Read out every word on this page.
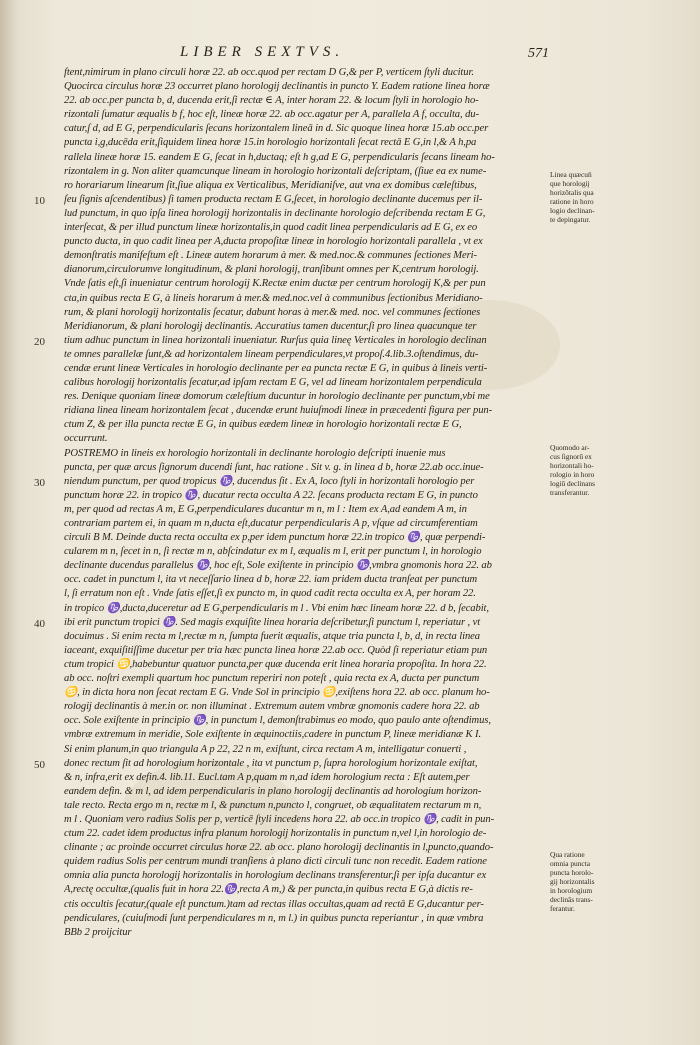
LIBER SEXTVS.	571
10
20
30
40
50
ftent,nimirum in plano circuli horæ 22. ab occ.quod per rectam D G,& per P, verticem ſtyli ducitur.
Quocirca circulus horæ 23 occurret plano horologij declinantis in puncto Y. Eadem ratione linea horæ
22. ab occ.per puncta b, d, ducenda erit,ſi rectæ ∈ A, inter horam 22. & locum ſtyli in horologio ho-
rizontali ſumatur æqualis b f, hoc eſt, lineæ horæ 22. ab occ.agatur per A, parallela A f, occulta, du-
catur,ſ d, ad E G, perpendicularis ſecans horizontalem lineā in d. Sic quoque linea horæ 15.ab occ.per
puncta i,g,ducēda erit,ſiquidem linea horæ 15.in horologio horizontali ſecat rectā E G,in l,& A h,pa
rallela lineæ horæ 15. eandem E G, ſecat in h,ductaq; eſt h g,ad E G, perpendicularis ſecans lineam ho-
rizontalem in g. Non aliter quamcunque lineam in horologio horizontali deſcriptam, (ſiue ea ex nume-
ro horariarum linearum ſit,ſiue aliqua ex Verticalibus, Meridianiſve, aut vna ex domibus cæleſtibus,
ſeu ſignis aſcendentibus) ſi tamen producta rectam E G,ſecet, in horologio declinante ducemus per il-
lud punctum, in quo ipſa linea horologij horizontalis in declinante horologio deſcribenda rectam E G,
interſecat, & per illud punctum lineæ horizontalis,in quod cadit linea perpendicularis ad E G, ex eo
puncto ducta, in quo cadit linea per A,ducta propoſitæ lineæ in horologio horizontali parallela , vt ex
demonſtratis manifeſtum eſt . Lineæ autem horarum à mer. & med.noc.& communes ſectiones Meri-
dianorum,circulorumve longitudinum, & plani horologij, tranſibunt omnes per K,centrum horologij.
Vnde ſatis eſt,ſi inueniatur centrum horologij K.Rectæ enim ductæ per centrum horologij K,& per pun
cta,in quibus recta E G, à lineis horarum à mer.& med.noc.vel à communibus ſectionibus Meridiano-
rum, & plani horologij horizontalis ſecatur, dabunt horas à mer.& med. noc. vel communes ſectiones
Meridianorum, & plani horologij declinantis. Accuratius tamen ducentur,ſi pro linea quacunque ter
tium adhuc punctum in linea horizontali inueniatur. Rurſus quia lineę Verticales in horologio declinan
te omnes parallelæ ſunt,& ad horizontalem lineam perpendiculares,vt propoſ.4.lib.3.oſtendimus, du-
cendæ erunt lineæ Verticales in horologio declinante per ea puncta rectæ E G, in quibus à lineis verti-
calibus horologij horizontalis ſecatur,ad ipſam rectam E G, vel ad lineam horizontalem perpendicula
res. Denique quoniam lineæ domorum cæleſtium ducuntur in horologio declinante per punctum,vbi me
ridiana linea lineam horizontalem ſecat , ducendæ erunt huiuſmodi lineæ in præcedenti figura per pun-
ctum Z, & per illa puncta rectæ E G, in quibus eædem lineæ in horologio horizontali rectæ E G,
occurrunt.
POSTREMO in lineis ex horologio horizontali in declinante horologio deſcripti inuenie mus
puncta, per quæ arcus ſignorum ducendi ſunt, hac ratione . Sit v. g. in linea d b, horæ 22.ab occ.inue-
niendum punctum, per quod tropicus ♑, ducendus ſit . Ex A, loco ſtyli in horizontali horologio per
punctum horæ 22. in tropico ♑, ducatur recta occulta A 22. ſecans producta rectam E G, in puncto
m, per quod ad rectas A m, E G,perpendiculares ducantur m n, m l : Item ex A,ad eandem A m, in
contrariam partem ei, in quam m n,ducta eſt,ducatur perpendicularis A p, vſque ad circumferentiam
circuli B M. Deinde ducta recta occulta ex p,per idem punctum horæ 22.in tropico ♑, quæ perpendi-
cularem m n, ſecet in n, ſi rectæ m n, abſcindatur ex m l, æqualis m l, erit per punctum l, in horologio
declinante ducendus parallelus ♑, hoc eſt, Sole exiſtente in principio ♑,vmbra gnomonis hora 22. ab
occ. cadet in punctum l, ita vt neceſſario linea d b, horæ 22. iam pridem ducta tranſeat per punctum
l, ſi erratum non eſt . Vnde ſatis eſſet,ſi ex puncto m, in quod cadit recta occulta ex A, per horam 22.
in tropico ♑,ducta,duceretur ad E G,perpendicularis m l . Vbi enim hæc lineam horæ 22. d b, ſecabit,
ibi erit punctum tropici ♑. Sed magis exquiſite linea horaria deſcribetur,ſi punctum l, reperiatur , vt
docuimus . Si enim recta m l,rectæ m n, ſumpta fuerit æqualis, atque tria puncta l, b, d, in recta linea
iaceant, exquiſitiſſime ducetur per tria hæc puncta linea horæ 22.ab occ. Quòd ſi reperiatur etiam pun
ctum tropici ♋,habebuntur quatuor puncta,per quæ ducenda erit linea horaria propoſita. In hora 22.
ab occ. noſtri exempli quartum hoc punctum reperiri non poteſt , quia recta ex A, ducta per punctum
♋, in dicta hora non ſecat rectam E G. Vnde Sol in principio ♋,exiſtens hora 22. ab occ. planum ho-
rologij declinantis à mer.in or. non illuminat . Extremum autem vmbræ gnomonis cadere hora 22. ab
occ. Sole exiſtente in principio ♑, in punctum l, demonſtrabimus eo modo, quo paulo ante oſtendimus,
vmbræ extremum in meridie, Sole exiſtente in æquinoctiis,cadere in punctum P, lineæ meridianæ K I.
Si enim planum,in quo triangula A p 22, 22 n m, exiſtunt, circa rectam A m, intelligatur conuerti ,
donec rectum ſit ad horologium horizontale , ita vt punctum p, ſupra horologium horizontale exiſtat,
& n, infra,erit ex defin.4. lib.11. Eucl.tam A p,quam m n,ad idem horologium recta : Eſt autem,per
eandem defin. & m l, ad idem perpendicularis in plano horologij declinantis ad horologium horizon-
tale recto. Recta ergo m n, rectæ m l, & punctum n,puncto l, congruet, ob æqualitatem rectarum m n,
m l . Quoniam vero radius Solis per p, verticē ſtyli incedens hora 22. ab occ.in tropico ♑, cadit in pun-
ctum 22. cadet idem productus infra planum horologij horizontalis in punctum n,vel l,in horologio de-
clinante ; ac proinde occurret circulus horæ 22. ab occ. plano horologij declinantis in l,puncto,quando-
quidem radius Solis per centrum mundi tranſiens à plano dicti circuli tunc non recedit. Eadem ratione
omnia alia puncta horologij horizontalis in horologium declinans transferentur,ſi per ipſa ducantur ex
A,rectę occultæ,(qualis fuit in hora 22.♑,recta A m,) & per puncta,in quibus recta E G,à dictis re-
ctis occultis ſecatur,(quale eſt punctum.)tam ad rectas illas occultas,quam ad rectā E G,ducantur per-
pendiculares, (cuiuſmodi ſunt perpendiculares m n, m l.) in quibus puncta reperiantur , in quæ vmbra
BBb 2 proijcitur
Linea quæcun̄
que horologij
horizōtalis qua
ratione in horo
logio declinan-
te depingatur.
Quomodo ar-
cus ſignorū ex
horizontali ho-
rologio in horo
logiū declinans
transferantur.
Qua ratione
omnia puncta
puncta horolo-
gij horizontalis
in horologium
declinās trans-
ferantur.
